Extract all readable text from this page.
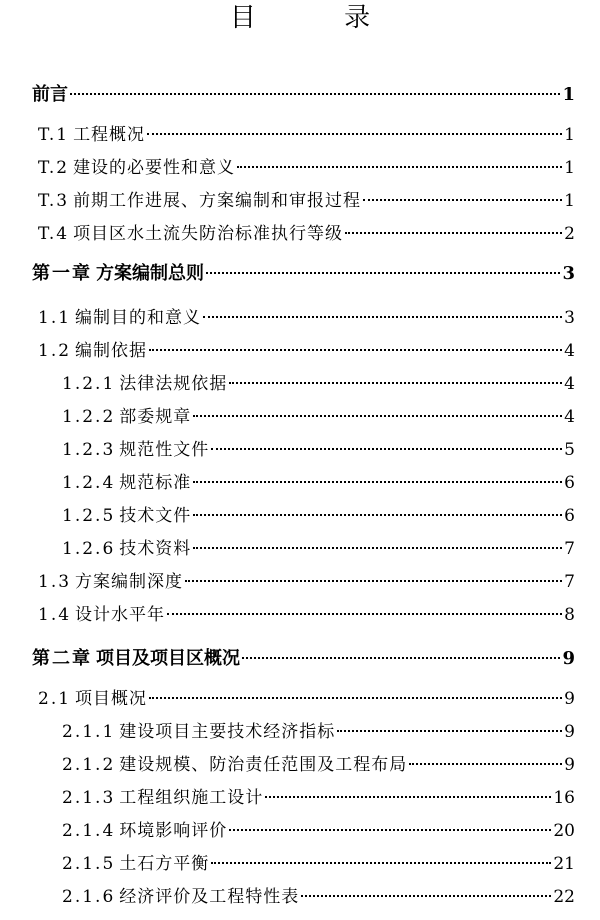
目 录
前言	1
T.1 工程概况	1
T.2 建设的必要性和意义	1
T.3 前期工作进展、方案编制和审报过程	1
T.4 项目区水土流失防治标准执行等级	2
第一章 方案编制总则	3
1.1 编制目的和意义	3
1.2 编制依据	4
1.2.1 法律法规依据	4
1.2.2 部委规章	4
1.2.3 规范性文件	5
1.2.4 规范标准	6
1.2.5 技术文件	6
1.2.6 技术资料	7
1.3 方案编制深度	7
1.4 设计水平年	8
第二章 项目及项目区概况	9
2.1 项目概况	9
2.1.1 建设项目主要技术经济指标	9
2.1.2 建设规模、防治责任范围及工程布局	9
2.1.3 工程组织施工设计	16
2.1.4 环境影响评价	20
2.1.5 土石方平衡	21
2.1.6 经济评价及工程特性表	22
